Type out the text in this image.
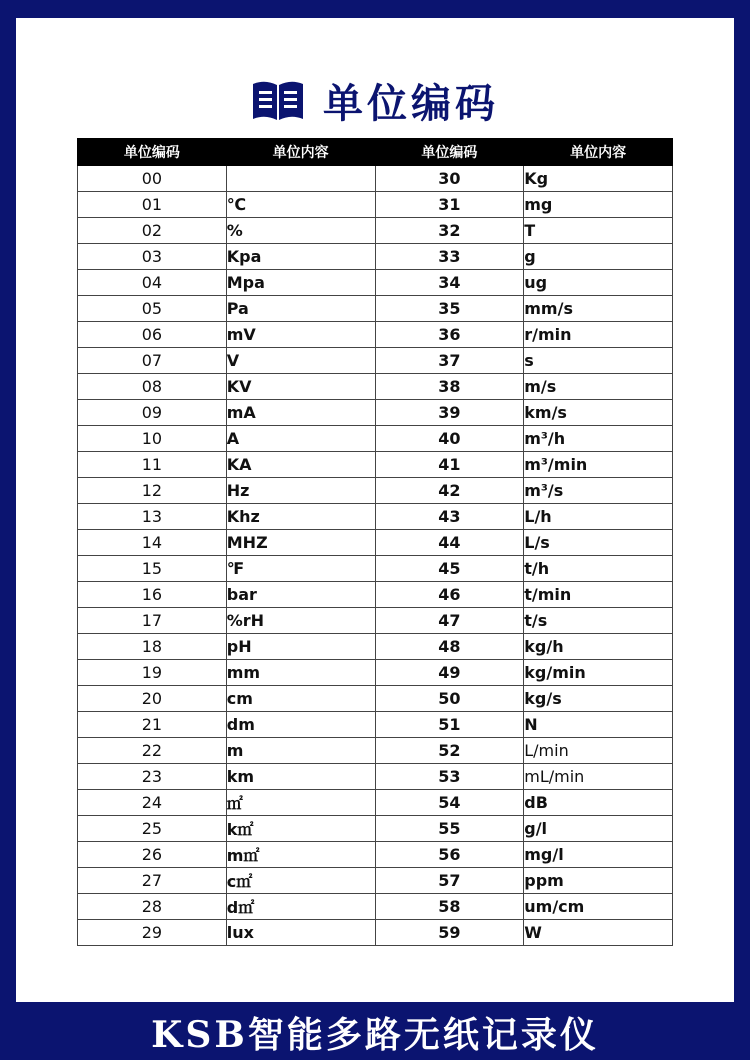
单位编码
单位编码	单位内容	单位编码	单位内容
00		30	Kg
01	℃	31	mg
02	%	32	T
03	Kpa	33	g
04	Mpa	34	ug
05	Pa	35	mm/s
06	mV	36	r/min
07	V	37	s
08	KV	38	m/s
09	mA	39	km/s
10	A	40	m³/h
11	KA	41	m³/min
12	Hz	42	m³/s
13	Khz	43	L/h
14	MHZ	44	L/s
15	℉	45	t/h
16	bar	46	t/min
17	%rH	47	t/s
18	pH	48	kg/h
19	mm	49	kg/min
20	cm	50	kg/s
21	dm	51	N
22	m	52	L/min
23	km	53	mL/min
24	㎡	54	dB
25	k㎡	55	g/l
26	m㎡	56	mg/l
27	c㎡	57	ppm
28	d㎡	58	um/cm
29	lux	59	W
KSB智能多路无纸记录仪
